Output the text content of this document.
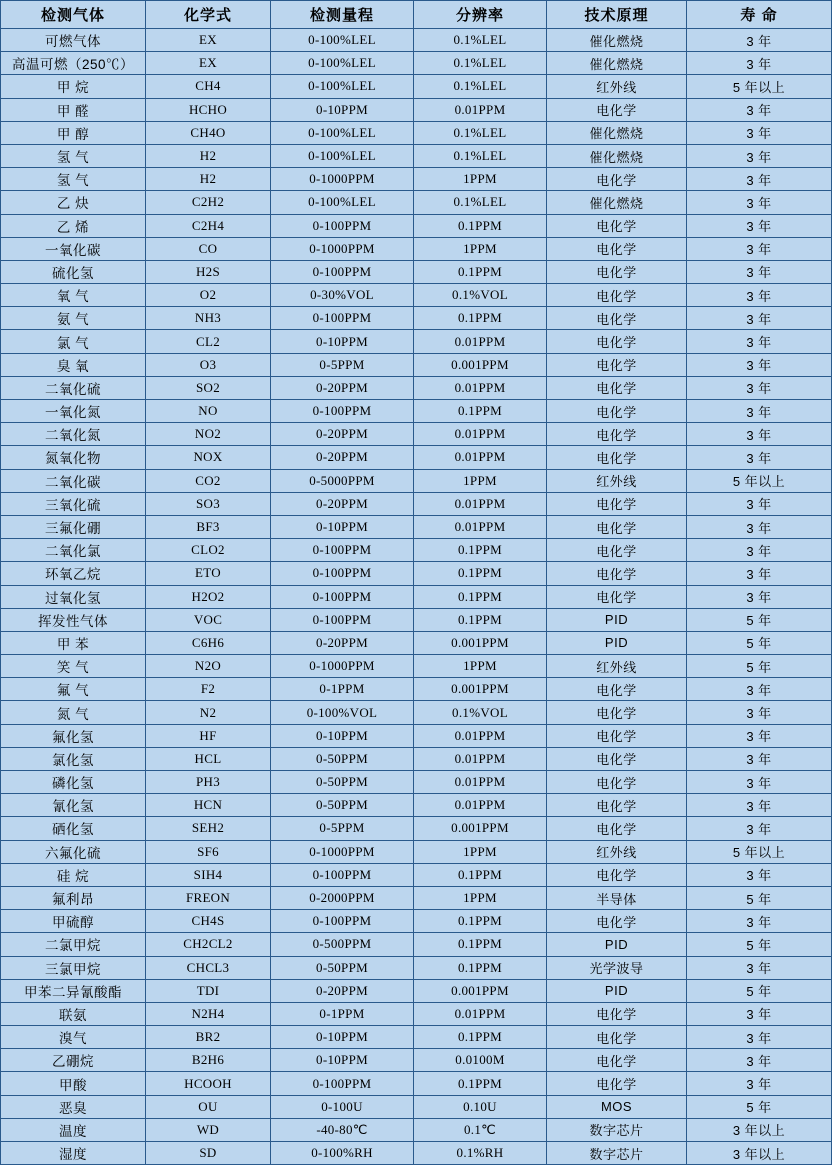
检测气体	化学式	检测量程	分辨率	技术原理	寿 命
可燃气体	EX	0-100%LEL	0.1%LEL	催化燃烧	3 年
高温可燃（250℃）	EX	0-100%LEL	0.1%LEL	催化燃烧	3 年
甲 烷	CH4	0-100%LEL	0.1%LEL	红外线	5 年以上
甲 醛	HCHO	0-10PPM	0.01PPM	电化学	3 年
甲 醇	CH4O	0-100%LEL	0.1%LEL	催化燃烧	3 年
氢 气	H2	0-100%LEL	0.1%LEL	催化燃烧	3 年
氢 气	H2	0-1000PPM	1PPM	电化学	3 年
乙 炔	C2H2	0-100%LEL	0.1%LEL	催化燃烧	3 年
乙 烯	C2H4	0-100PPM	0.1PPM	电化学	3 年
一氧化碳	CO	0-1000PPM	1PPM	电化学	3 年
硫化氢	H2S	0-100PPM	0.1PPM	电化学	3 年
氧 气	O2	0-30%VOL	0.1%VOL	电化学	3 年
氨 气	NH3	0-100PPM	0.1PPM	电化学	3 年
氯 气	CL2	0-10PPM	0.01PPM	电化学	3 年
臭 氧	O3	0-5PPM	0.001PPM	电化学	3 年
二氧化硫	SO2	0-20PPM	0.01PPM	电化学	3 年
一氧化氮	NO	0-100PPM	0.1PPM	电化学	3 年
二氧化氮	NO2	0-20PPM	0.01PPM	电化学	3 年
氮氧化物	NOX	0-20PPM	0.01PPM	电化学	3 年
二氧化碳	CO2	0-5000PPM	1PPM	红外线	5 年以上
三氧化硫	SO3	0-20PPM	0.01PPM	电化学	3 年
三氟化硼	BF3	0-10PPM	0.01PPM	电化学	3 年
二氧化氯	CLO2	0-100PPM	0.1PPM	电化学	3 年
环氧乙烷	ETO	0-100PPM	0.1PPM	电化学	3 年
过氧化氢	H2O2	0-100PPM	0.1PPM	电化学	3 年
挥发性气体	VOC	0-100PPM	0.1PPM	PID	5 年
甲 苯	C6H6	0-20PPM	0.001PPM	PID	5 年
笑 气	N2O	0-1000PPM	1PPM	红外线	5 年
氟 气	F2	0-1PPM	0.001PPM	电化学	3 年
氮 气	N2	0-100%VOL	0.1%VOL	电化学	3 年
氟化氢	HF	0-10PPM	0.01PPM	电化学	3 年
氯化氢	HCL	0-50PPM	0.01PPM	电化学	3 年
磷化氢	PH3	0-50PPM	0.01PPM	电化学	3 年
氰化氢	HCN	0-50PPM	0.01PPM	电化学	3 年
硒化氢	SEH2	0-5PPM	0.001PPM	电化学	3 年
六氟化硫	SF6	0-1000PPM	1PPM	红外线	5 年以上
硅 烷	SIH4	0-100PPM	0.1PPM	电化学	3 年
氟利昂	FREON	0-2000PPM	1PPM	半导体	5 年
甲硫醇	CH4S	0-100PPM	0.1PPM	电化学	3 年
二氯甲烷	CH2CL2	0-500PPM	0.1PPM	PID	5 年
三氯甲烷	CHCL3	0-50PPM	0.1PPM	光学波导	3 年
甲苯二异氰酸酯	TDI	0-20PPM	0.001PPM	PID	5 年
联氨	N2H4	0-1PPM	0.01PPM	电化学	3 年
溴气	BR2	0-10PPM	0.1PPM	电化学	3 年
乙硼烷	B2H6	0-10PPM	0.0100M	电化学	3 年
甲酸	HCOOH	0-100PPM	0.1PPM	电化学	3 年
恶臭	OU	0-100U	0.10U	MOS	5 年
温度	WD	-40-80℃	0.1℃	数字芯片	3 年以上
湿度	SD	0-100%RH	0.1%RH	数字芯片	3 年以上
